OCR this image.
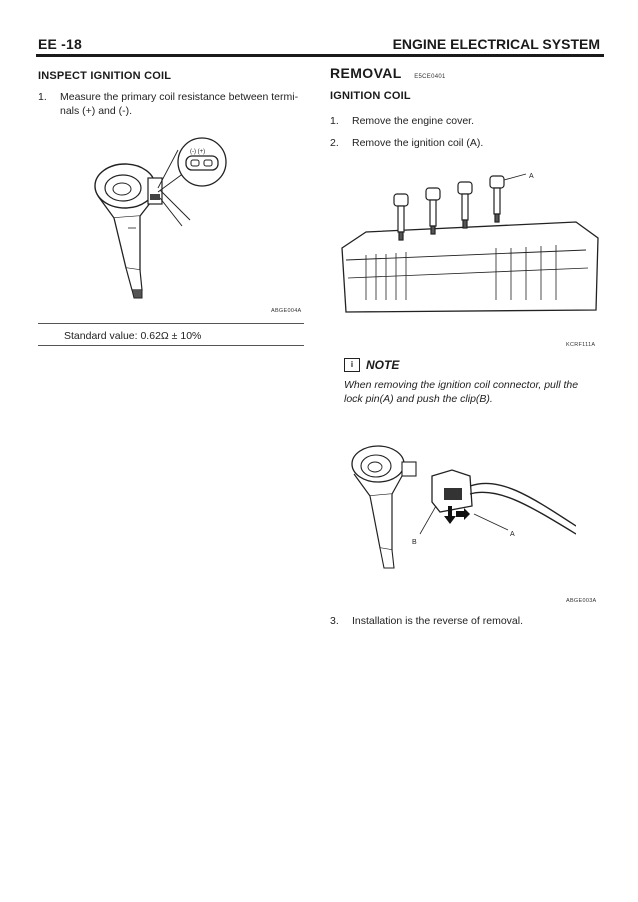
EE -18	ENGINE ELECTRICAL SYSTEM
INSPECT IGNITION COIL
1.	Measure the primary coil resistance between termi-
nals (+) and (-).
(-) (+)
ABGE004A
Standard value: 0.62Ω ± 10%
REMOVAL E5CE0401
IGNITION COIL
1.	Remove the engine cover.
2.	Remove the ignition coil (A).
A
KCRF111A
i	NOTE
When removing the ignition coil connector, pull the
lock pin(A) and push the clip(B).
A
B
ABGE003A
3.	Installation is the reverse of removal.
